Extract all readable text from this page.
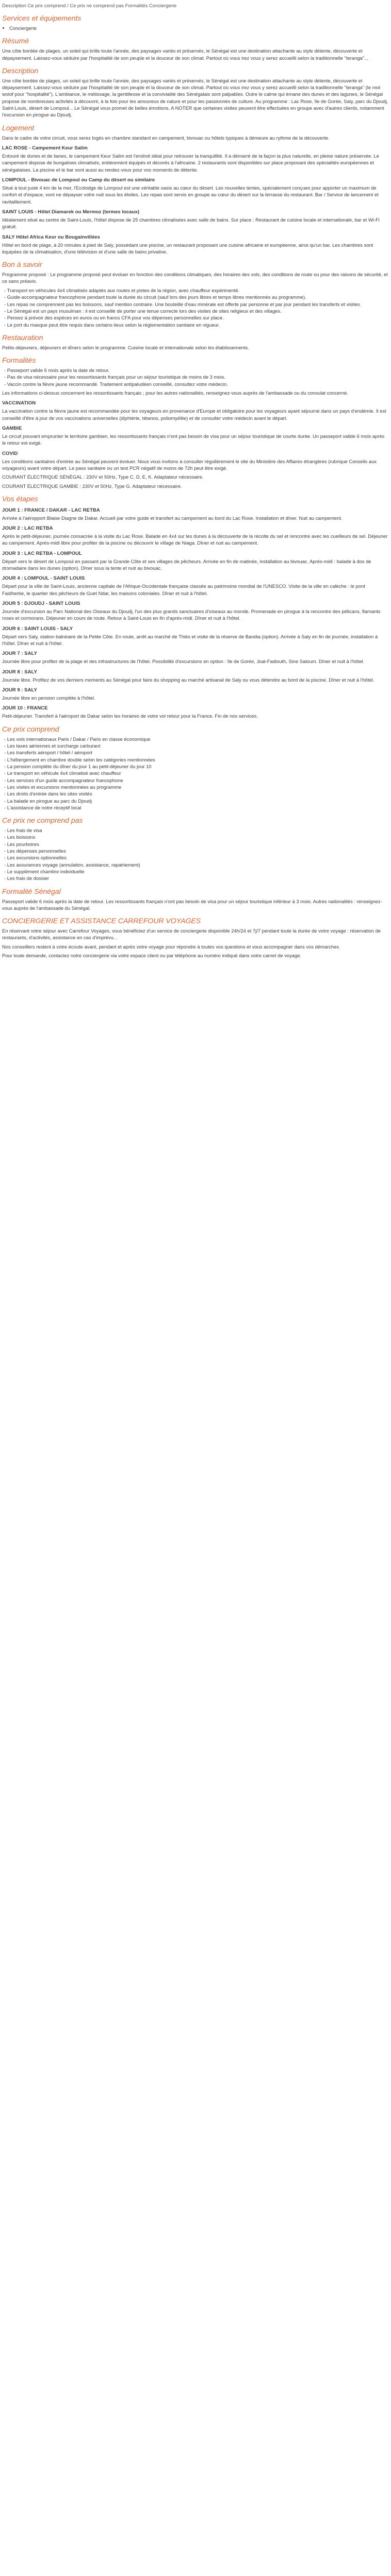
Description Ce prix comprend / Ce prix ne comprend pas Formalités Conciergerie
Services et équipements
• Conciergerie
Résumé

Une côte bordée de plages, un soleil qui brille toute l'année, des paysages variés et préservés, le Sénégal est une destination attachante au style détente, découverte et dépaysement. Laissez-vous séduire par l'hospitalité de son peuple et la douceur de son climat. Partout où vous irez vous y serez accueilli selon la traditionnelle "teranga"...

Description

Une côte bordée de plages, un soleil qui brille toute l'année, des paysages variés et préservés, le Sénégal est une destination attachante au style détente, découverte et dépaysement. Laissez-vous séduire par l'hospitalité de son peuple et la douceur de son climat. Partout où vous irez vous y serez accueilli selon la traditionnelle "teranga" (le mot wolof pour "hospitalité"). L'ambiance, le métissage, la gentillesse et la convivialité des Sénégalais sont palpables. Outre le calme qui émane des dunes et des lagunes, le Sénégal propose de nombreuses activités à découvrir, à la fois pour les amoureux de nature et pour les passionnés de culture. Au programme : Lac Rose, île de Gorée, Saly, parc du Djoudj, Saint-Louis, désert de Lompoul... Le Sénégal vous promet de belles émotions. A NOTER que certaines visites peuvent être effectuées en groupe avec d'autres clients, notamment l'excursion en pirogue au Djoudj.

Logement

Dans le cadre de votre circuit, vous serez logés en chambre standard en campement, bivouac ou hôtels typiques à démeure au rythme de la découverte.

LAC ROSE - Campement Keur Salim

Entouré de dunes et de lianes, le campement Keur Salim est l'endroit idéal pour retrouver la tranquillité. Il a démarré de la façon la plus naturelle, en pleine nature préservée. Le campement dispose de bungalows climatisés, entièrement équipés et décorés à l'africaine. 2 restaurants sont disponibles sur place proposant des spécialités européennes et sénégalaises. La piscine et le bar sont aussi au rendez-vous pour vos moments de détente.

LOMPOUL - Bivouac de Lompoul ou Camp du désert ou similaire

Situé à tout juste 4 km de la mer, l'Ecolodge de Lompoul est une véritable oasis au cœur du désert. Les nouvelles tentes, spécialement conçues pour apporter un maximum de confort et d'espace, vont ne dépayser votre nuit sous les étoiles. Les repas sont servis en groupe au cœur du désert sur la terrasse du restaurant. Bar / Service de lancement et ravitaillement.

SAINT LOUIS - Hôtel Diamarek ou Mermoz (termes locaux)

Idéalement situé au centre de Saint-Louis, l'hôtel dispose de 25 chambres climatisées avec salle de bains. Sur place : Restaurant de cuisine locale et internationale, bar et Wi-Fi gratuit.

SALY Hôtel Africa Keur ou Bougainvillées

Hôtel en bord de plage, à 20 minutes à pied de Saly, possédant une piscine, un restaurant proposant une cuisine africaine et européenne, ainsi qu'un bar. Les chambres sont équipées de la climatisation, d'une télévision et d'une salle de bains privative.

Bon à savoir

Programme proposé : Le programme proposé peut évoluer en fonction des conditions climatiques, des horaires des vols, des conditions de route ou pour des raisons de sécurité, et ce sans préavis.

- Transport en véhicules 4x4 climatisés adaptés aux routes et pistes de la région, avec chauffeur expérimenté.
- Guide-accompagnateur francophone pendant toute la durée du circuit (sauf lors des jours libres et temps libres mentionnés au programme).
- Les repas ne comprennent pas les boissons, sauf mention contraire. Une bouteille d'eau minérale est offerte par personne et par jour pendant les transferts et visites.
- Le Sénégal est un pays musulman : il est conseillé de porter une tenue correcte lors des visites de sites religieux et des villages.
- Pensez à prévoir des espèces en euros ou en francs CFA pour vos dépenses personnelles sur place.
- Le port du masque peut être requis dans certains lieux selon la réglementation sanitaire en vigueur.
Restauration

Petits-déjeuners, déjeuners et dîners selon le programme. Cuisine locale et internationale selon les établissements.

Formalités
- Passeport valide 6 mois après la date de retour.
- Pas de visa nécessaire pour les ressortissants français pour un séjour touristique de moins de 3 mois.
- Vaccin contre la fièvre jaune recommandé. Traitement antipaludéen conseillé, consultez votre médecin.

Les informations ci-dessus concernent les ressortissants français ; pour les autres nationalités, renseignez-vous auprès de l'ambassade ou du consulat concerné.

VACCINATION

La vaccination contre la fièvre jaune est recommandée pour les voyageurs en provenance d'Europe et obligatoire pour les voyageurs ayant séjourné dans un pays d'endémie. Il est conseillé d'être à jour de vos vaccinations universelles (diphtérie, tétanos, poliomyélite) et de consulter votre médecin avant le départ.

GAMBIE

Le circuit pouvant emprunter le territoire gambien, les ressortissants français n'ont pas besoin de visa pour un séjour touristique de courte durée. Un passeport valide 6 mois après le retour est exigé.

COVID

Les conditions sanitaires d'entrée au Sénégal peuvent évoluer. Nous vous invitons à consulter régulièrement le site du Ministère des Affaires étrangères (rubrique Conseils aux voyageurs) avant votre départ. Le pass sanitaire ou un test PCR négatif de moins de 72h peut être exigé.

COURANT ÉLECTRIQUE SÉNÉGAL : 230V et 50Hz, Type C, D, E, K. Adaptateur nécessaire.

COURANT ÉLECTRIQUE GAMBIE : 230V et 50Hz, Type G. Adaptateur nécessaire.

Vos étapes
JOUR 1 : FRANCE / DAKAR - LAC RETBA

Arrivée à l'aéropport Blaise Diagne de Dakar. Accueil par votre guide et transfert au campement au bord du Lac Rose. Installation et dîner. Nuit au campement.

JOUR 2 : LAC RETBA

Après le petit-déjeuner, journée consacrée à la visite du Lac Rose. Balade en 4x4 sur les dunes à la découverte de la récolte du sel et rencontre avec les cueilleurs de sel. Déjeuner au campement. Après-midi libre pour profiter de la piscine ou découvrir le village de Niaga. Dîner et nuit au campement.

JOUR 3 : LAC RETBA - LOMPOUL

Départ vers le désert de Lompoul en passant par la Grande Côte et ses villages de pêcheurs. Arrivée en fin de matinée, installation au bivouac. Après-midi : balade à dos de dromadaire dans les dunes (option). Dîner sous la tente et nuit au bivouac.

JOUR 4 : LOMPOUL - SAINT LOUIS

Départ pour la ville de Saint-Louis, ancienne capitale de l'Afrique-Occidentale française classée au patrimoine mondial de l'UNESCO. Visite de la ville en calèche : le pont Faidherbe, le quartier des pêcheurs de Guet Ndar, les maisons coloniales. Dîner et nuit à l'hôtel.

JOUR 5 : DJOUDJ - SAINT LOUIS

Journée d'excursion au Parc National des Oiseaux du Djoudj, l'un des plus grands sanctuaires d'oiseaux au monde. Promenade en pirogue à la rencontre des pélicans, flamants roses et cormorans. Déjeuner en cours de route. Retour à Saint-Louis en fin d'après-midi. Dîner et nuit à l'hôtel.

JOUR 6 : SAINT LOUIS - SALY

Départ vers Saly, station balnéaire de la Petite Côte. En route, arrêt au marché de Thiès et visite de la réserve de Bandia (option). Arrivée à Saly en fin de journée, installation à l'hôtel. Dîner et nuit à l'hôtel.

JOUR 7 : SALY

Journée libre pour profiter de la plage et des infrastructures de l'hôtel. Possibilité d'excursions en option : île de Gorée, Joal-Fadiouth, Sine Saloum. Dîner et nuit à l'hôtel.

JOUR 8 : SALY

Journée libre. Profitez de vos derniers moments au Sénégal pour faire du shopping au marché artisanal de Saly ou vous détendre au bord de la piscine. Dîner et nuit à l'hôtel.

JOUR 9 : SALY

Journée libre en pension complète à l'hôtel.

JOUR 10 : FRANCE

Petit-déjeuner. Transfert à l'aéroport de Dakar selon les horaires de votre vol retour pour la France. Fin de nos services.

Ce prix comprend
- Les vols internationaux Paris / Dakar / Paris en classe économique
- Les taxes aériennes et surcharge carburant
- Les transferts aéroport / hôtel / aéroport
- L'hébergement en chambre double selon les catégories mentionnées
- La pension complète du dîner du jour 1 au petit-déjeuner du jour 10
- Le transport en véhicule 4x4 climatisé avec chauffeur
- Les services d'un guide accompagnateur francophone
- Les visites et excursions mentionnées au programme
- Les droits d'entrée dans les sites visités
- La balade en pirogue au parc du Djoudj
- L'assistance de notre réceptif local
Ce prix ne comprend pas
- Les frais de visa
- Les boissons
- Les pourboires
- Les dépenses personnelles
- Les excursions optionnelles
- Les assurances voyage (annulation, assistance, rapatriement)
- Le supplément chambre individuelle
- Les frais de dossier
Formalité Sénégal

Passeport valide 6 mois après la date de retour. Les ressortissants français n'ont pas besoin de visa pour un séjour touristique inférieur à 3 mois. Autres nationalités : renseignez-vous auprès de l'ambassade du Sénégal.

CONCIERGERIE ET ASSISTANCE CARREFOUR VOYAGES

En réservant votre séjour avec Carrefour Voyages, vous bénéficiez d'un service de conciergerie disponible 24h/24 et 7j/7 pendant toute la durée de votre voyage : réservation de restaurants, d'activités, assistance en cas d'imprévu...

Nos conseillers restent à votre écoute avant, pendant et après votre voyage pour répondre à toutes vos questions et vous accompagner dans vos démarches.

Pour toute demande, contactez notre conciergerie via votre espace client ou par téléphone au numéro indiqué dans votre carnet de voyage.
